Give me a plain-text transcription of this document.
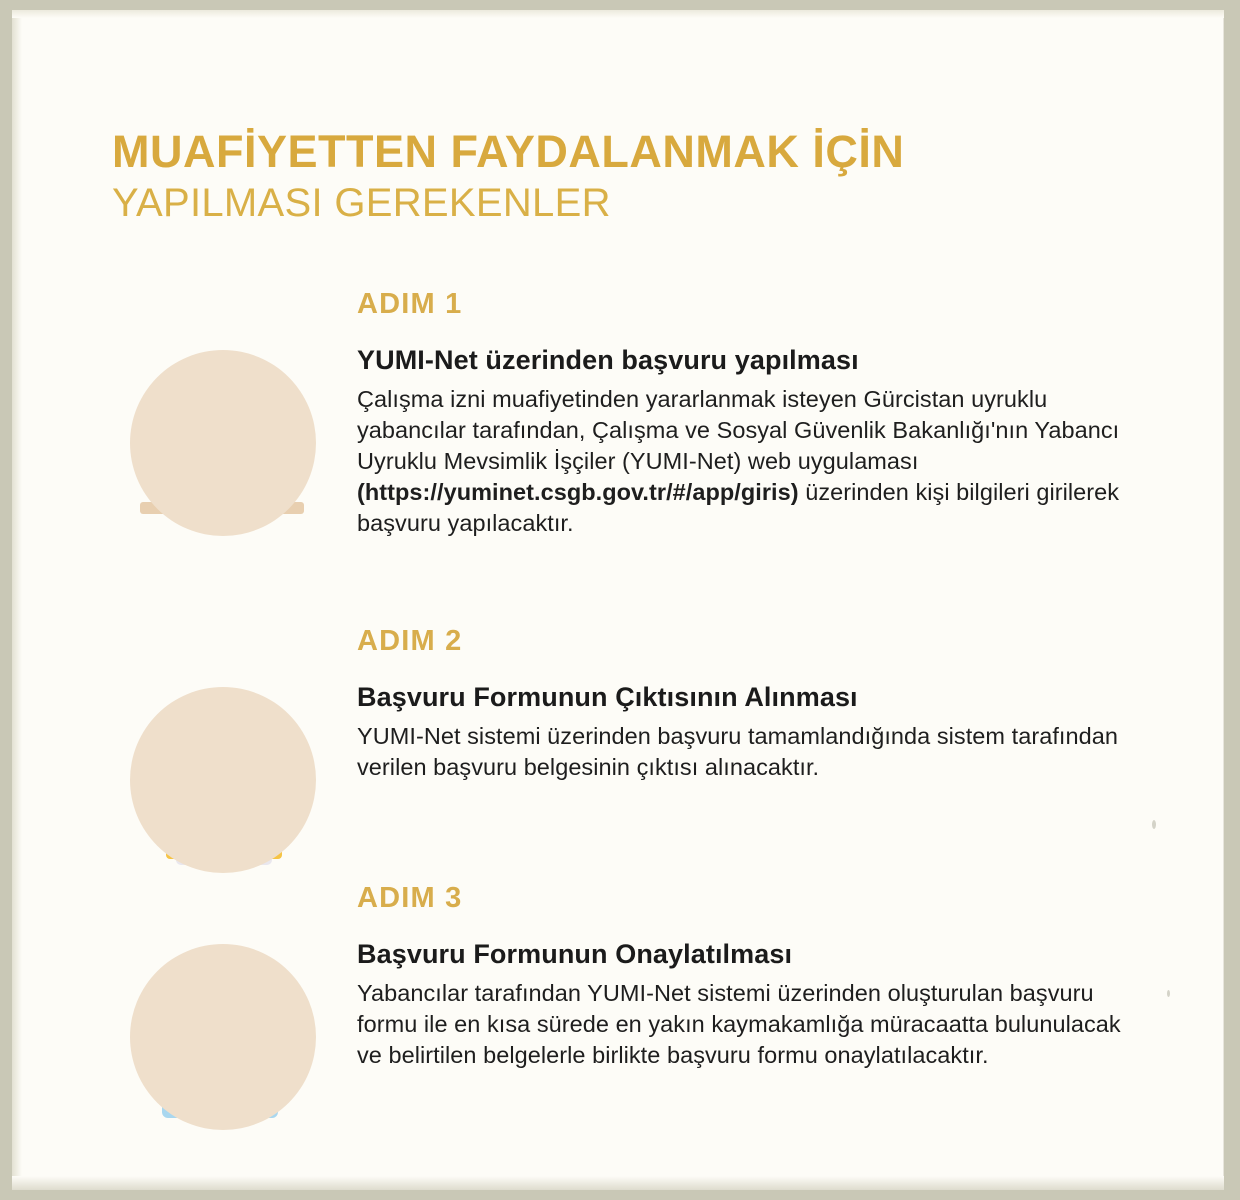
MUAFİYETTEN FAYDALANMAK İÇİN
YAPILMASI GEREKENLER

ADIM 1

YUMI-Net üzerinden başvuru yapılması

Çalışma izni muafiyetinden yararlanmak isteyen Gürcistan uyruklu yabancılar tarafından, Çalışma ve Sosyal Güvenlik Bakanlığı'nın Yabancı Uyruklu Mevsimlik İşçiler (YUMI-Net) web uygulaması (https://yuminet.csgb.gov.tr/#/app/giris) üzerinden kişi bilgileri girilerek başvuru yapılacaktır.

ADIM 2

Başvuru Formunun Çıktısının Alınması

YUMI-Net sistemi üzerinden başvuru tamamlandığında sistem tarafından verilen başvuru belgesinin çıktısı alınacaktır.

ADIM 3

Başvuru Formunun Onaylatılması

Yabancılar tarafından YUMI-Net sistemi üzerinden oluşturulan başvuru formu ile en kısa sürede en yakın kaymakamlığa müracaatta bulunulacak ve belirtilen belgelerle birlikte başvuru formu onaylatılacaktır.
